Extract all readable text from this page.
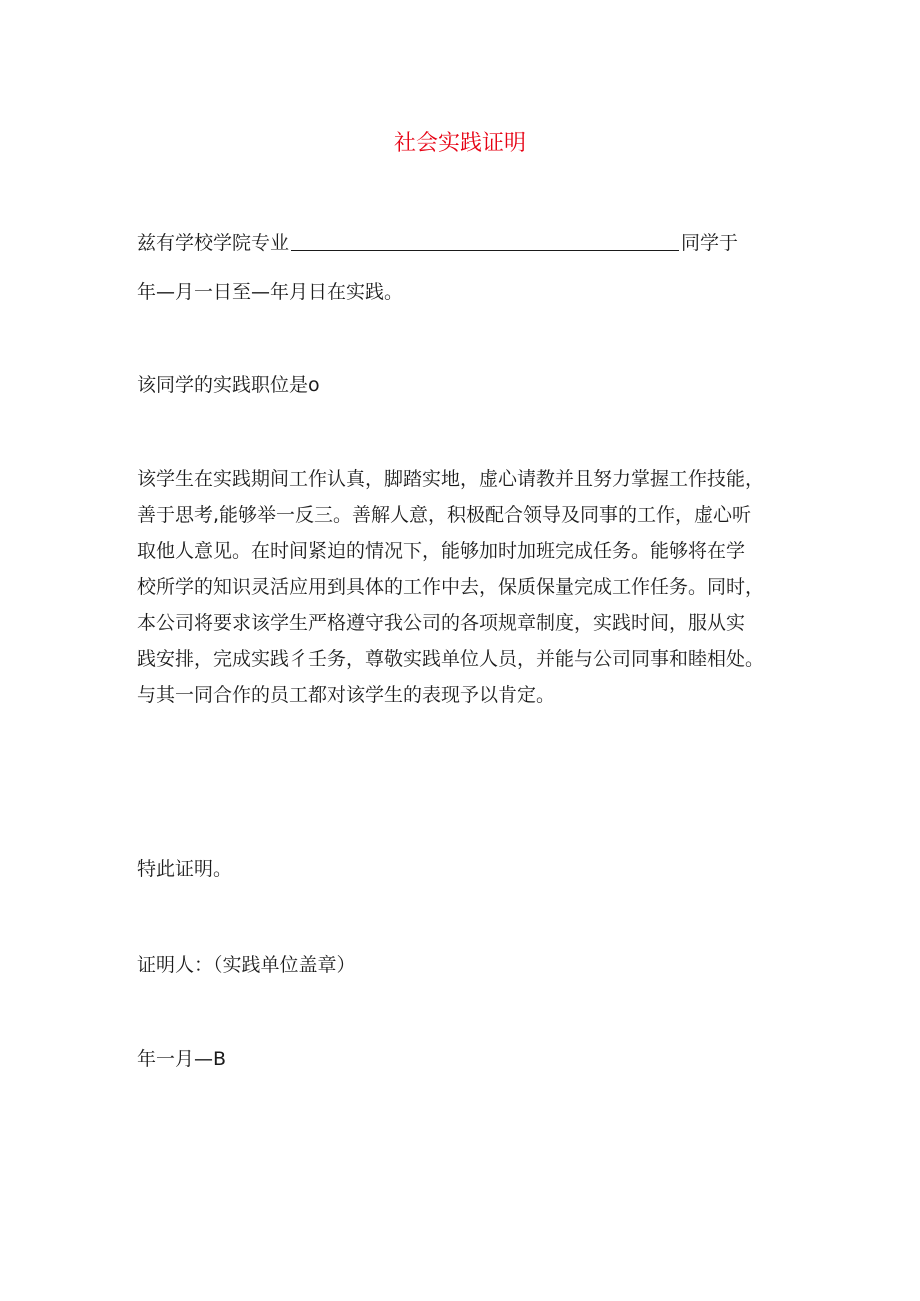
社会实践证明
兹有学校学院专业	同学于
年—月一日至—年月日在实践。
该同学的实践职位是o
该学生在实践期间工作认真，脚踏实地，虚心请教并且努力掌握工作技能，
善于思考,能够举一反三。善解人意，积极配合领导及同事的工作，虚心听
取他人意见。在时间紧迫的情况下，能够加时加班完成任务。能够将在学
校所学的知识灵活应用到具体的工作中去，保质保量完成工作任务。同时，
本公司将要求该学生严格遵守我公司的各项规章制度，实践时间，服从实
践安排，完成实践彳壬务，尊敬实践单位人员，并能与公司同事和睦相处。
与其一同合作的员工都对该学生的表现予以肯定。
特此证明。
证明人：（实践单位盖章）
年一月—B
